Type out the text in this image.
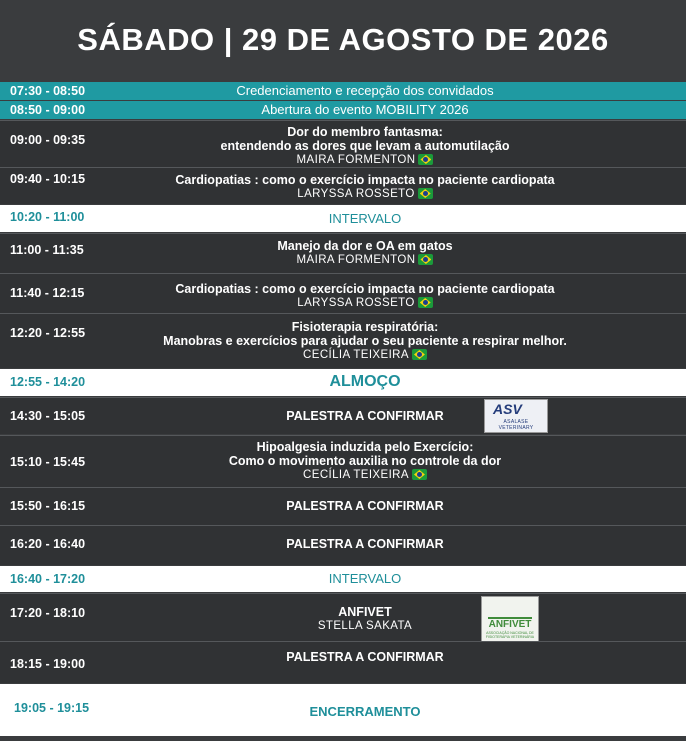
SÁBADO | 29 DE AGOSTO DE 2026
07:30 - 08:50	Credenciamento e recepção dos convidados
08:50 - 09:00	Abertura do evento MOBILITY 2026
09:00 - 09:35
Dor do membro fantasma:
entendendo as dores que levam a automutilação
MAIRA FORMENTON
09:40 - 10:15	Cardiopatias : como o exercício impacta no paciente cardiopata
LARYSSA ROSSETO
10:20 - 11:00	INTERVALO
11:00 - 11:35	Manejo da dor e OA em gatos
MAIRA FORMENTON
11:40 - 12:15	Cardiopatias : como o exercício impacta no paciente cardiopata
LARYSSA ROSSETO
12:20 - 12:55	Fisioterapia respiratória:
Manobras e exercícios para ajudar o seu paciente a respirar melhor.
CECÍLIA TEIXEIRA
12:55 - 14:20	ALMOÇO
14:30 - 15:05	PALESTRA A CONFIRMAR	ASV
ASALASE VETERINARY
15:10 - 15:45
Hipoalgesia induzida pelo Exercício:
Como o movimento auxilia no controle da dor
CECÍLIA TEIXEIRA
15:50 - 16:15	PALESTRA A CONFIRMAR
16:20 - 16:40	PALESTRA A CONFIRMAR
16:40 - 17:20	INTERVALO
17:20 - 18:10	ANFIVET
STELLA SAKATA	ANFIVET
ASSOCIAÇÃO NACIONAL DE FISIOTERAPIA VETERINÁRIA
18:15 - 19:00	PALESTRA A CONFIRMAR
19:05 - 19:15	ENCERRAMENTO
